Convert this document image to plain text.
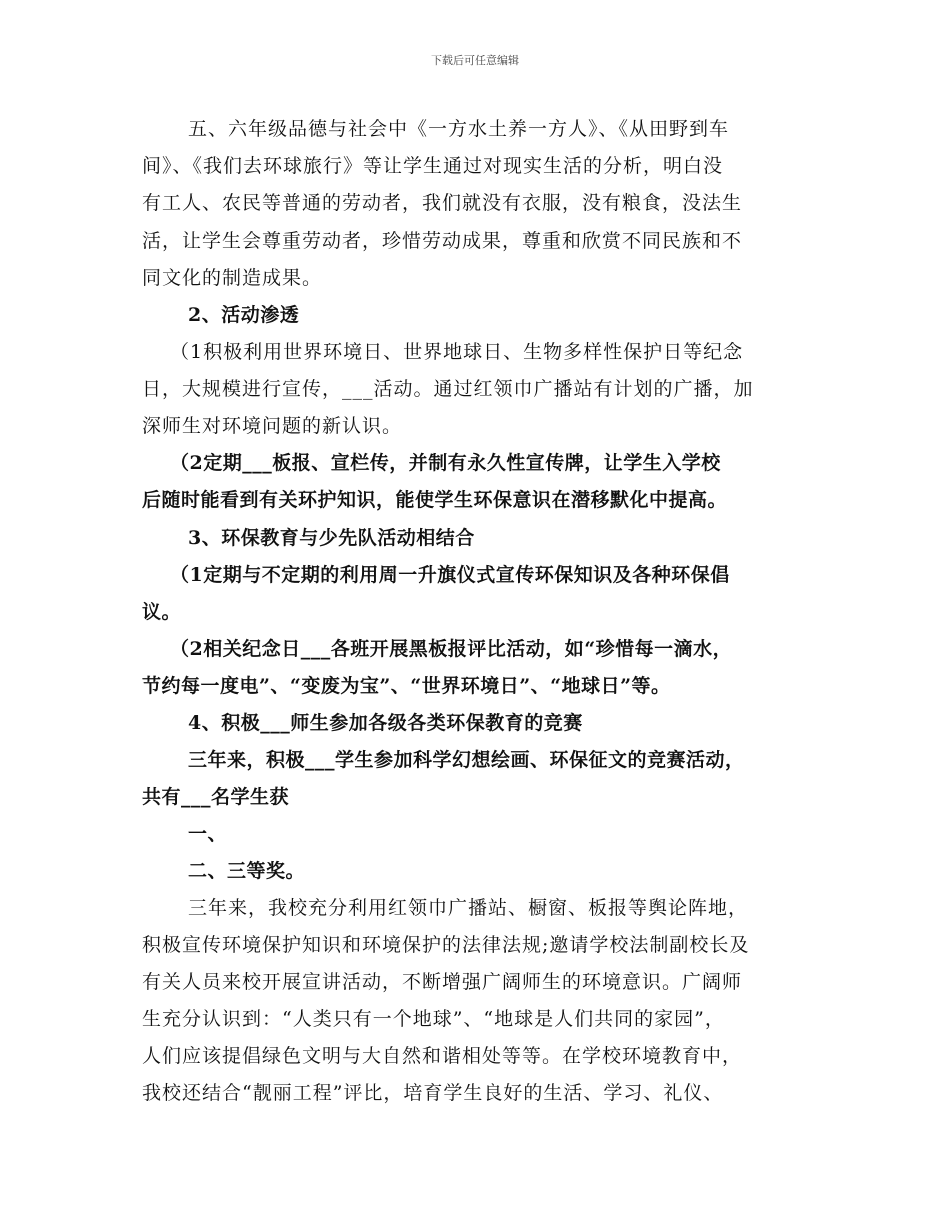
下载后可任意编辑
五、六年级品德与社会中《一方水土养一方人》、《从田野到车
间》、《我们去环球旅行》等让学生通过对现实生活的分析，明白没
有工人、农民等普通的劳动者，我们就没有衣服，没有粮食，没法生
活，让学生会尊重劳动者，珍惜劳动成果，尊重和欣赏不同民族和不
同文化的制造成果。
2、活动渗透
（1积极利用世界环境日、世界地球日、生物多样性保护日等纪念
日，大规模进行宣传，___活动。通过红领巾广播站有计划的广播，加
深师生对环境问题的新认识。
（2定期___板报、宣栏传，并制有永久性宣传牌，让学生入学校
后随时能看到有关环护知识，能使学生环保意识在潜移默化中提高。
3、环保教育与少先队活动相结合
（1定期与不定期的利用周一升旗仪式宣传环保知识及各种环保倡
议。
（2相关纪念日___各班开展黑板报评比活动，如“珍惜每一滴水，
节约每一度电”、“变废为宝”、“世界环境日”、“地球日”等。
4、积极___师生参加各级各类环保教育的竞赛
三年来，积极___学生参加科学幻想绘画、环保征文的竞赛活动，
共有___名学生获
一、
二、三等奖。
三年来，我校充分利用红领巾广播站、橱窗、板报等舆论阵地，
积极宣传环境保护知识和环境保护的法律法规;邀请学校法制副校长及
有关人员来校开展宣讲活动，不断增强广阔师生的环境意识。广阔师
生充分认识到：“人类只有一个地球”、“地球是人们共同的家园”，
人们应该提倡绿色文明与大自然和谐相处等等。在学校环境教育中，
我校还结合“靓丽工程”评比，培育学生良好的生活、学习、礼仪、
